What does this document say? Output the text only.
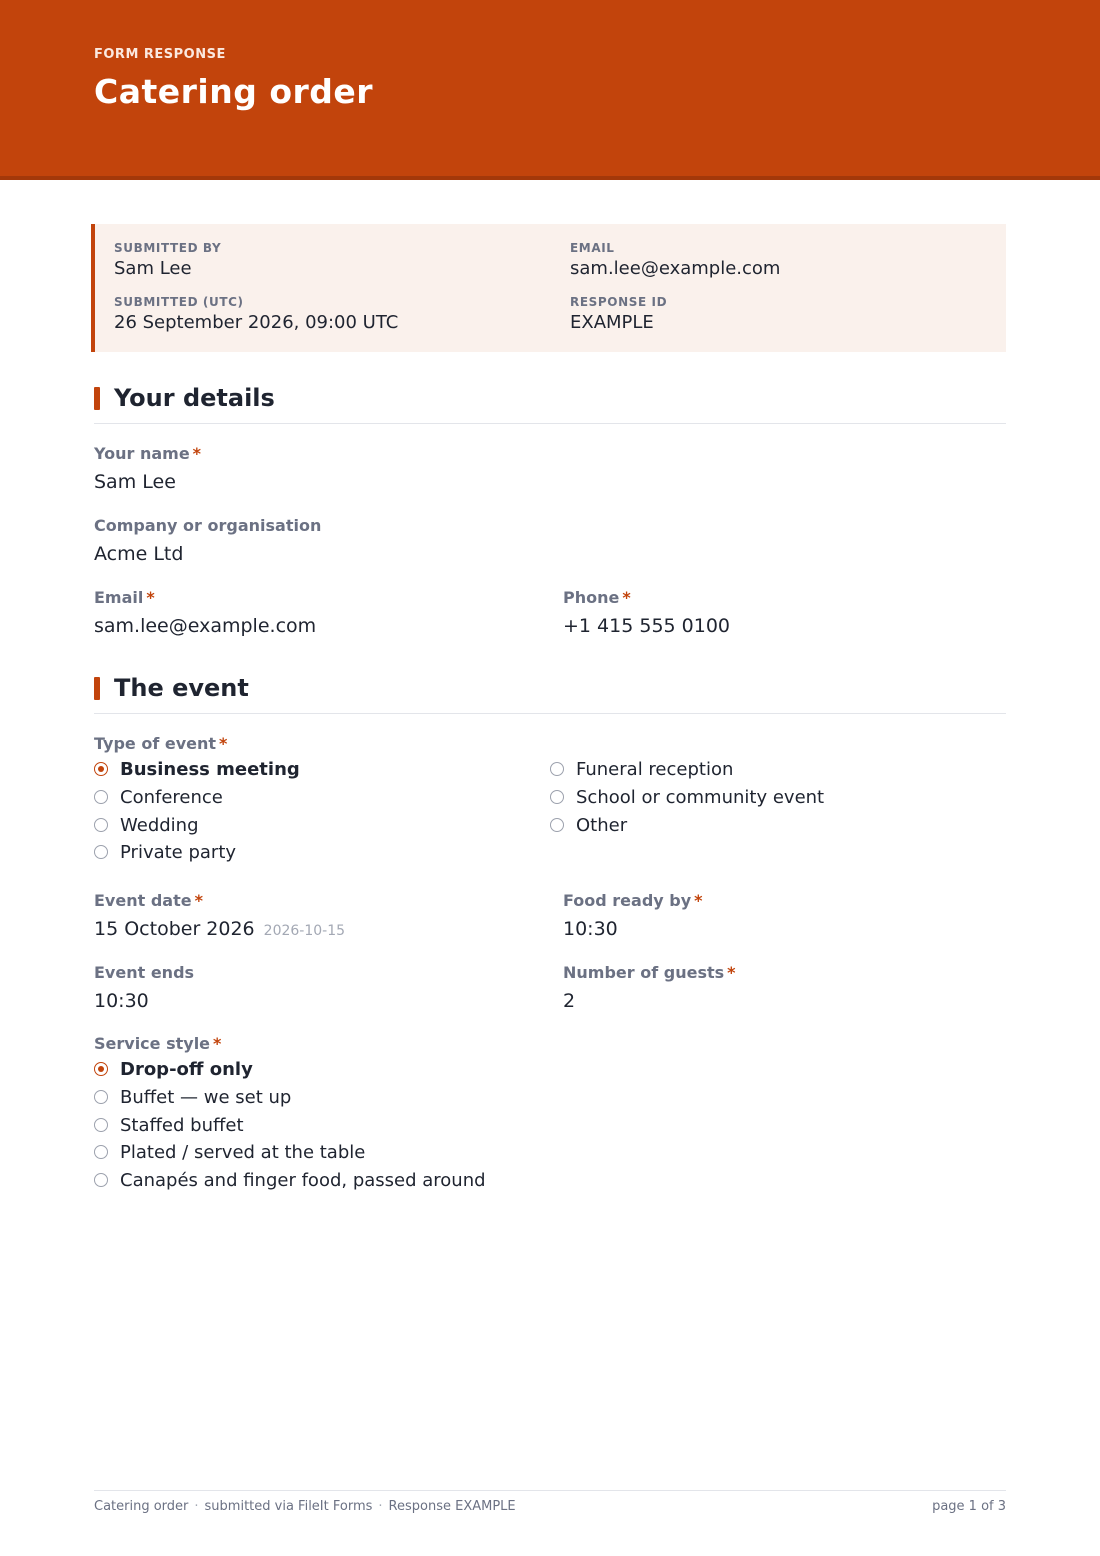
FORM RESPONSE
Catering order
SUBMITTED BY
Sam Lee
EMAIL
sam.lee@example.com
SUBMITTED (UTC)
26 September 2026, 09:00 UTC
RESPONSE ID
EXAMPLE
Your details
Your name *
Sam Lee
Company or organisation
Acme Ltd
Email *
sam.lee@example.com
Phone *
+1 415 555 0100
The event
Type of event *
Business meeting
Conference
Wedding
Private party
Funeral reception
School or community event
Other
Event date *
15 October 2026 2026-10-15
Food ready by *
10:30
Event ends
10:30
Number of guests *
2
Service style *
Drop-off only
Buffet — we set up
Staffed buffet
Plated / served at the table
Canapés and finger food, passed around
Catering order · submitted via FileIt Forms · Response EXAMPLE	page 1 of 3
